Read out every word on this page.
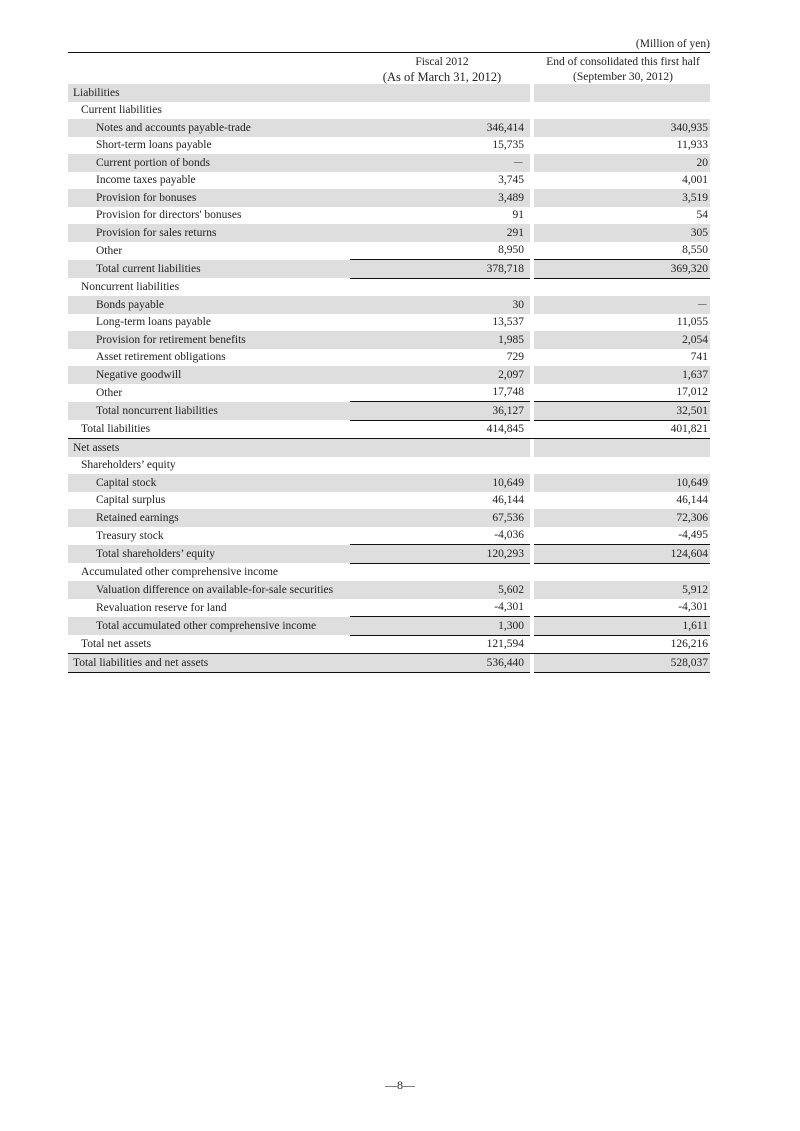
(Million of yen)
Fiscal 2012
(As of March 31, 2012)
End of consolidated this first half
(September 30, 2012)
Liabilities			
Current liabilities			
Notes and accounts payable-trade	346,414		340,935
Short-term loans payable	15,735		11,933
Current portion of bonds	－		20
Income taxes payable	3,745		4,001
Provision for bonuses	3,489		3,519
Provision for directors' bonuses	91		54
Provision for sales returns	291		305
Other	8,950		8,550
Total current liabilities	378,718		369,320
Noncurrent liabilities			
Bonds payable	30		－
Long-term loans payable	13,537		11,055
Provision for retirement benefits	1,985		2,054
Asset retirement obligations	729		741
Negative goodwill	2,097		1,637
Other	17,748		17,012
Total noncurrent liabilities	36,127		32,501
Total liabilities	414,845		401,821
Net assets			
Shareholders’ equity			
Capital stock	10,649		10,649
Capital surplus	46,144		46,144
Retained earnings	67,536		72,306
Treasury stock	-4,036		-4,495
Total shareholders’ equity	120,293		124,604
Accumulated other comprehensive income			
Valuation difference on available-for-sale securities	5,602		5,912
Revaluation reserve for land	-4,301		-4,301
Total accumulated other comprehensive income	1,300		1,611
Total net assets	121,594		126,216
Total liabilities and net assets	536,440		528,037
―8―
